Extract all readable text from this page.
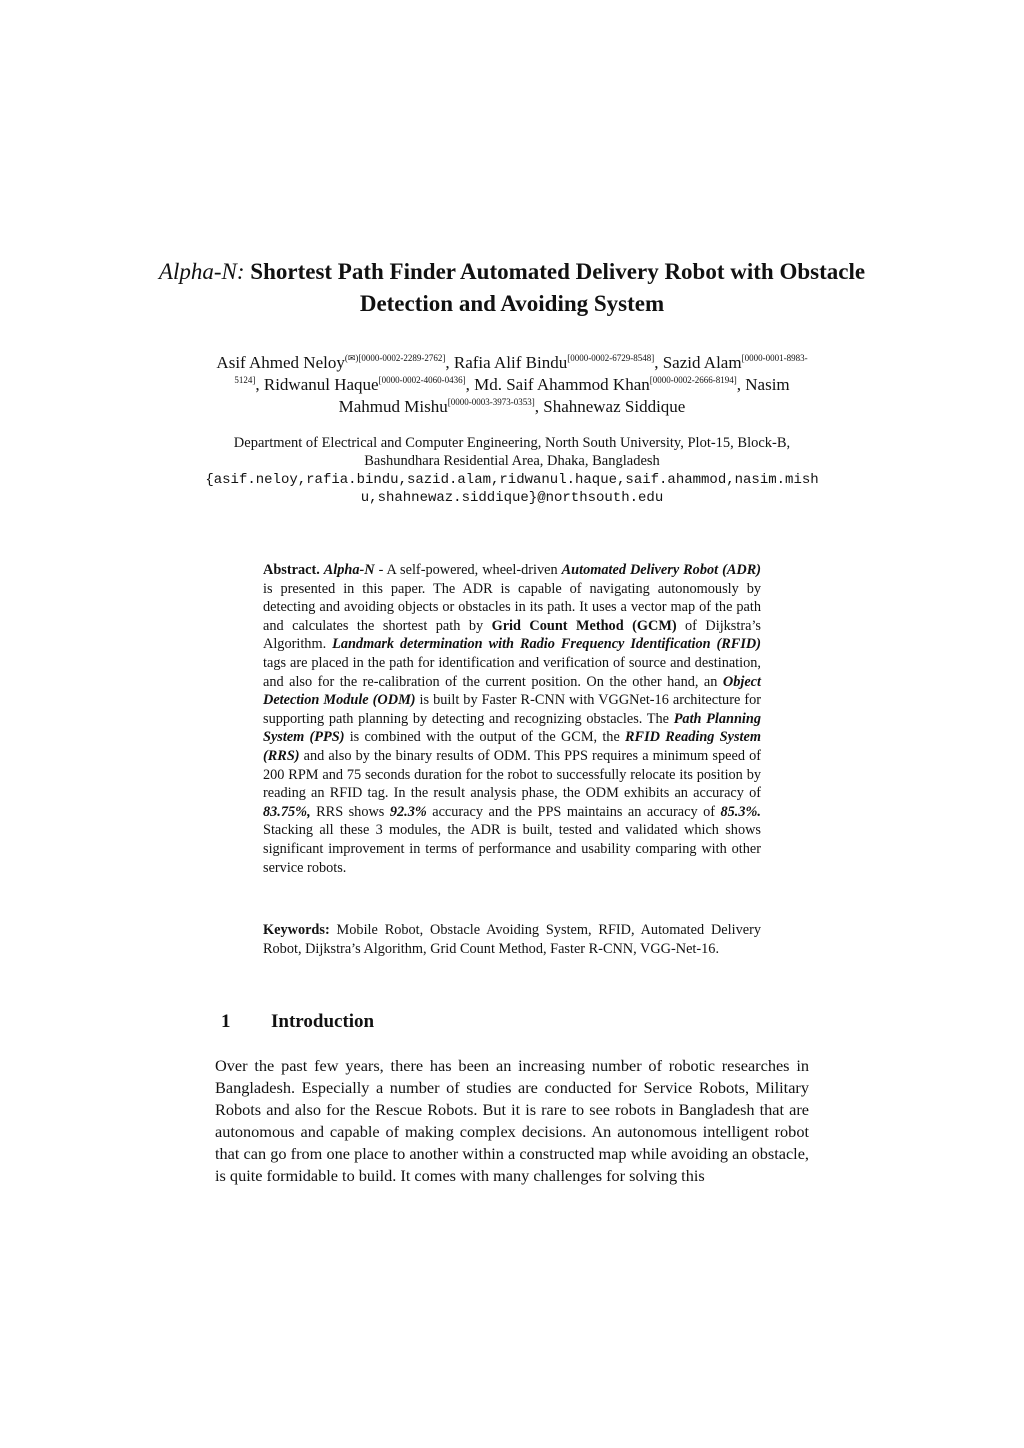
Alpha-N: Shortest Path Finder Automated Delivery Robot with Obstacle Detection and Avoiding System
Asif Ahmed Neloy$^{(✉)[0000-0002-2289-2762]}$, Rafia Alif Bindu[0000-0002-6729-8548], Sazid Alam[0000-0001-8983-5124], Ridwanul Haque[0000-0002-4060-0436], Md. Saif Ahammod Khan[0000-0002-2666-8194], Nasim Mahmud Mishu[0000-0003-3973-0353], Shahnewaz Siddique
Department of Electrical and Computer Engineering, North South University, Plot-15, Block-B, Bashundhara Residential Area, Dhaka, Bangladesh
{asif.neloy,rafia.bindu,sazid.alam,ridwanul.haque,saif.ahammod,nasim.mishu,shahnewaz.siddique}@northsouth.edu
Abstract. Alpha-N - A self-powered, wheel-driven Automated Delivery Robot (ADR) is presented in this paper. The ADR is capable of navigating autonomously by detecting and avoiding objects or obstacles in its path. It uses a vector map of the path and calculates the shortest path by Grid Count Method (GCM) of Dijkstra’s Algorithm. Landmark determination with Radio Frequency Identification (RFID) tags are placed in the path for identification and verification of source and destination, and also for the re-calibration of the current position. On the other hand, an Object Detection Module (ODM) is built by Faster R-CNN with VGGNet-16 architecture for supporting path planning by detecting and recognizing obstacles. The Path Planning System (PPS) is combined with the output of the GCM, the RFID Reading System (RRS) and also by the binary results of ODM. This PPS requires a minimum speed of 200 RPM and 75 seconds duration for the robot to successfully relocate its position by reading an RFID tag. In the result analysis phase, the ODM exhibits an accuracy of 83.75%, RRS shows 92.3% accuracy and the PPS maintains an accuracy of 85.3%. Stacking all these 3 modules, the ADR is built, tested and validated which shows significant improvement in terms of performance and usability comparing with other service robots.
Keywords: Mobile Robot, Obstacle Avoiding System, RFID, Automated Delivery Robot, Dijkstra’s Algorithm, Grid Count Method, Faster R-CNN, VGG-Net-16.
1 Introduction
Over the past few years, there has been an increasing number of robotic researches in Bangladesh. Especially a number of studies are conducted for Service Robots, Military Robots and also for the Rescue Robots. But it is rare to see robots in Bangladesh that are autonomous and capable of making complex decisions. An autonomous intelligent robot that can go from one place to another within a constructed map while avoiding an obstacle, is quite formidable to build. It comes with many challenges for solving this
